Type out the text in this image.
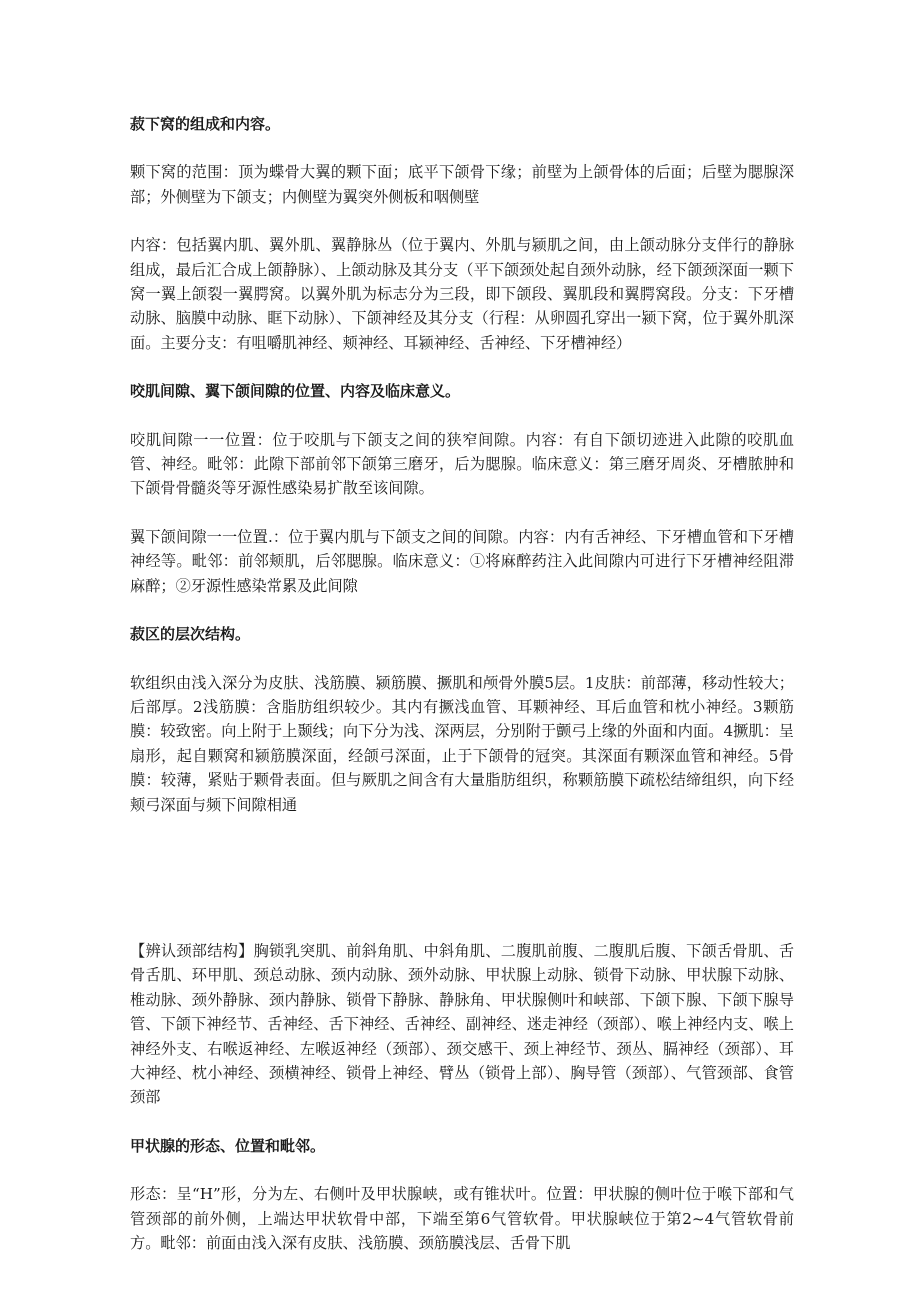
菽下窝的组成和内容。

颗下窝的范围：顶为蝶骨大翼的颗下面；底平下颌骨下缘；前壁为上颌骨体的后面；后壁为腮腺深部；外侧壁为下颌支；内侧壁为翼突外侧板和咽侧壁

内容：包括翼内肌、翼外肌、翼静脉丛（位于翼内、外肌与颍肌之间，由上颌动脉分支伴行的静脉组成，最后汇合成上颌静脉）、上颌动脉及其分支（平下颌颈处起自颈外动脉，经下颌颈深面一颗下窝一翼上颌裂一翼腭窝。以翼外肌为标志分为三段，即下颌段、翼肌段和翼腭窝段。分支：下牙槽动脉、脑膜中动脉、眶下动脉）、下颌神经及其分支（行程：从卵圆孔穿出一颍下窝，位于翼外肌深面。主要分支：有咀嚼肌神经、颊神经、耳颍神经、舌神经、下牙槽神经）

咬肌间隙、翼下颌间隙的位置、内容及临床意义。

咬肌间隙一一位置：位于咬肌与下颌支之间的狭窄间隙。内容：有自下颌切迹进入此隙的咬肌血管、神经。毗邻：此隙下部前邻下颌第三磨牙，后为腮腺。临床意义：第三磨牙周炎、牙槽脓肿和下颌骨骨髓炎等牙源性感染易扩散至该间隙。

翼下颌间隙一一位置.：位于翼内肌与下颌支之间的间隙。内容：内有舌神经、下牙槽血管和下牙槽神经等。毗邻：前邻颊肌，后邻腮腺。临床意义：①将麻醉药注入此间隙内可进行下牙槽神经阻滞麻醉；②牙源性感染常累及此间隙

菽区的层次结构。

软组织由浅入深分为皮肤、浅筋膜、颍筋膜、撅肌和颅骨外膜5层。1皮肤：前部薄，移动性较大；后部厚。2浅筋膜：含脂肪组织较少。其内有撅浅血管、耳颗神经、耳后血管和枕小神经。3颗筋膜：较致密。向上附于上颞线；向下分为浅、深两层，分别附于颤弓上缘的外面和内面。4撅肌：呈扇形，起自颗窝和颍筋膜深面，经颌弓深面，止于下颌骨的冠突。其深面有颗深血管和神经。5骨膜：较薄，紧贴于颗骨表面。但与厥肌之间含有大量脂肪组织，称颗筋膜下疏松结缔组织，向下经颊弓深面与频下间隙相通

【辨认颈部结构】胸锁乳突肌、前斜角肌、中斜角肌、二腹肌前腹、二腹肌后腹、下颌舌骨肌、舌骨舌肌、环甲肌、颈总动脉、颈内动脉、颈外动脉、甲状腺上动脉、锁骨下动脉、甲状腺下动脉、椎动脉、颈外静脉、颈内静脉、锁骨下静脉、静脉角、甲状腺侧叶和峡部、下颌下腺、下颌下腺导管、下颌下神经节、舌神经、舌下神经、舌神经、副神经、迷走神经（颈部）、喉上神经内支、喉上神经外支、右喉返神经、左喉返神经（颈部）、颈交感干、颈上神经节、颈丛、膈神经（颈部）、耳大神经、枕小神经、颈横神经、锁骨上神经、臂丛（锁骨上部）、胸导管（颈部）、气管颈部、食管颈部

甲状腺的形态、位置和毗邻。

形态：呈“H”形，分为左、右侧叶及甲状腺峡，或有锥状叶。位置：甲状腺的侧叶位于喉下部和气管颈部的前外侧，上端达甲状软骨中部，下端至第6气管软骨。甲状腺峡位于第2~4气管软骨前方。毗邻：前面由浅入深有皮肤、浅筋膜、颈筋膜浅层、舌骨下肌
